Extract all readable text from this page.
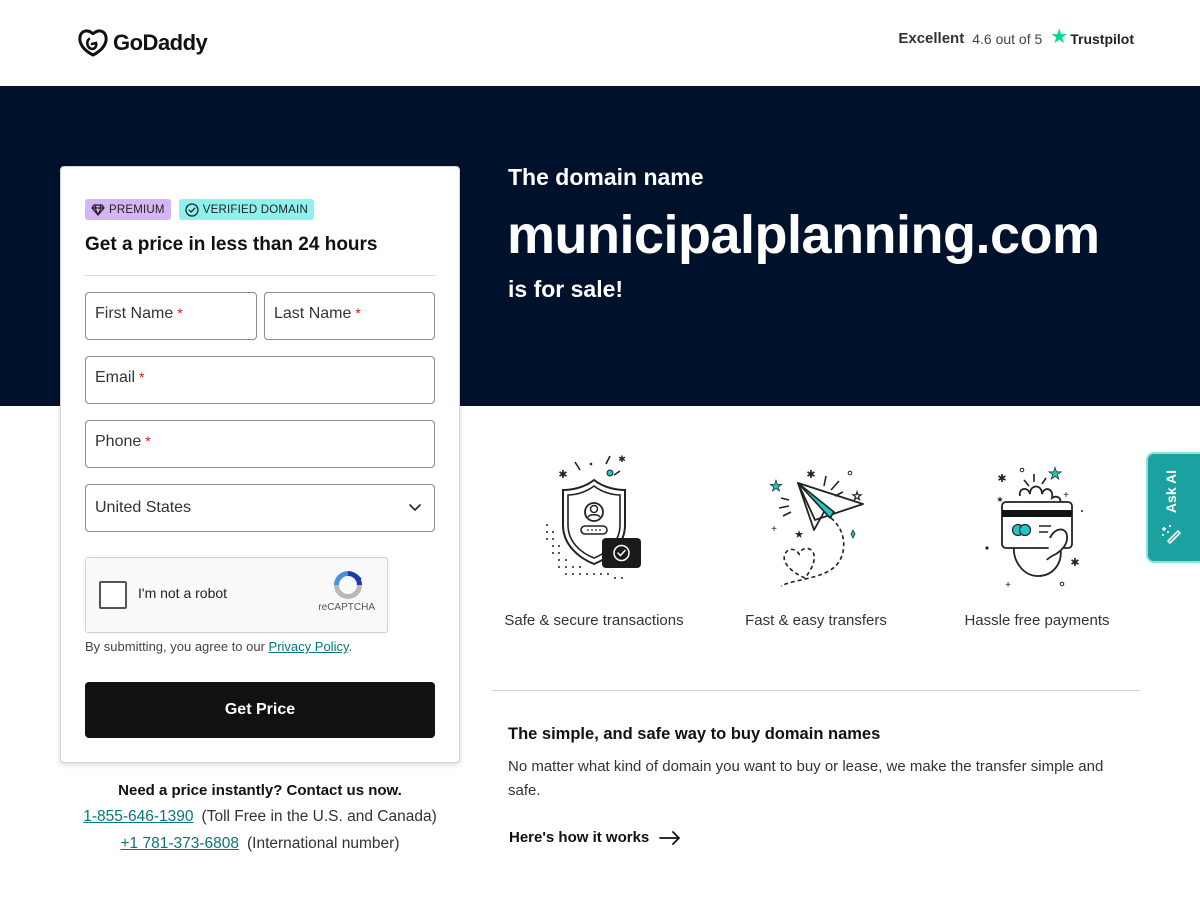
GoDaddy	Excellent 4.6 out of 5 ★ Trustpilot
The domain name
municipalplanning.com
is for sale!
PREMIUM	VERIFIED DOMAIN
Get a price in less than 24 hours
First Name *	Last Name *
Email *
Phone *
United States
I'm not a robot
reCAPTCHA
By submitting, you agree to our Privacy Policy.
Get Price
Need a price instantly? Contact us now.
1-855-646-1390 (Toll Free in the U.S. and Canada)
+1 781-373-6808 (International number)
✱
✱
Safe & secure transactions
★
✱
☆
+ ★
Fast & easy transfers
✱
★
★
+
✱
+
Hassle free payments
The simple, and safe way to buy domain names
No matter what kind of domain you want to buy or lease, we make the transfer simple and safe.
Here's how it works
Ask AI
